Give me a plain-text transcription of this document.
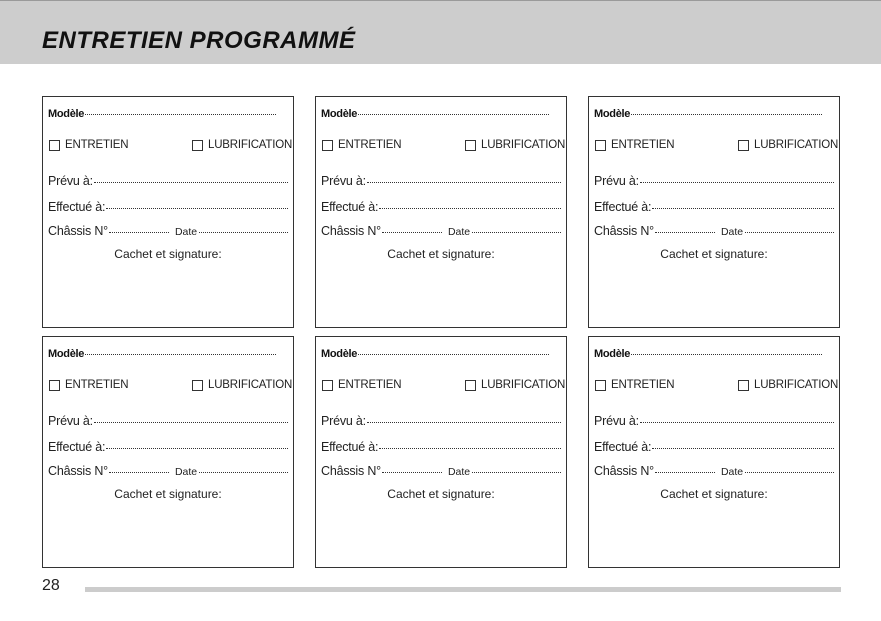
ENTRETIEN PROGRAMMÉ
Modèle
ENTRETIEN	LUBRIFICATION
Prévu à:
Effectué à:
Châssis N°	Date
Cachet et signature:
Modèle
ENTRETIEN	LUBRIFICATION
Prévu à:
Effectué à:
Châssis N°	Date
Cachet et signature:
Modèle
ENTRETIEN	LUBRIFICATION
Prévu à:
Effectué à:
Châssis N°	Date
Cachet et signature:
Modèle
ENTRETIEN	LUBRIFICATION
Prévu à:
Effectué à:
Châssis N°	Date
Cachet et signature:
Modèle
ENTRETIEN	LUBRIFICATION
Prévu à:
Effectué à:
Châssis N°	Date
Cachet et signature:
Modèle
ENTRETIEN	LUBRIFICATION
Prévu à:
Effectué à:
Châssis N°	Date
Cachet et signature:
28
